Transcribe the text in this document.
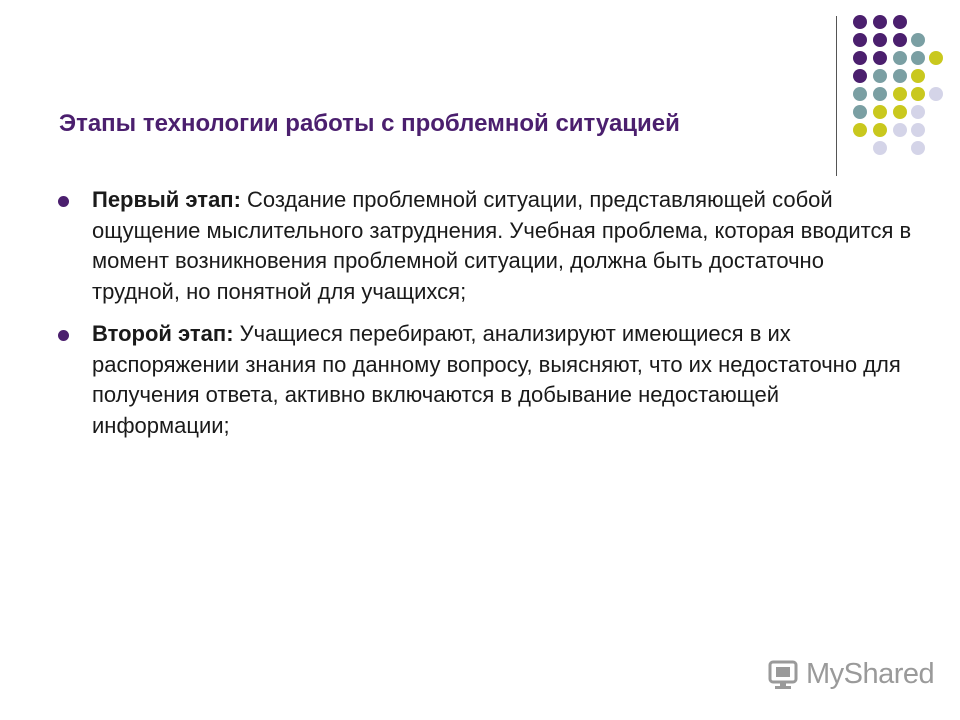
Этапы технологии работы с проблемной ситуацией
Первый этап: Создание проблемной ситуации, представляющей собой ощущение мыслительного затруднения. Учебная проблема, которая вводится в момент возникновения проблемной ситуации, должна быть достаточно трудной, но понятной для учащихся;
Второй этап: Учащиеся перебирают, анализируют имеющиеся в их распоряжении знания по данному вопросу, выясняют, что их недостаточно для получения ответа, активно включаются в добывание недостающей информации;
MyShared
